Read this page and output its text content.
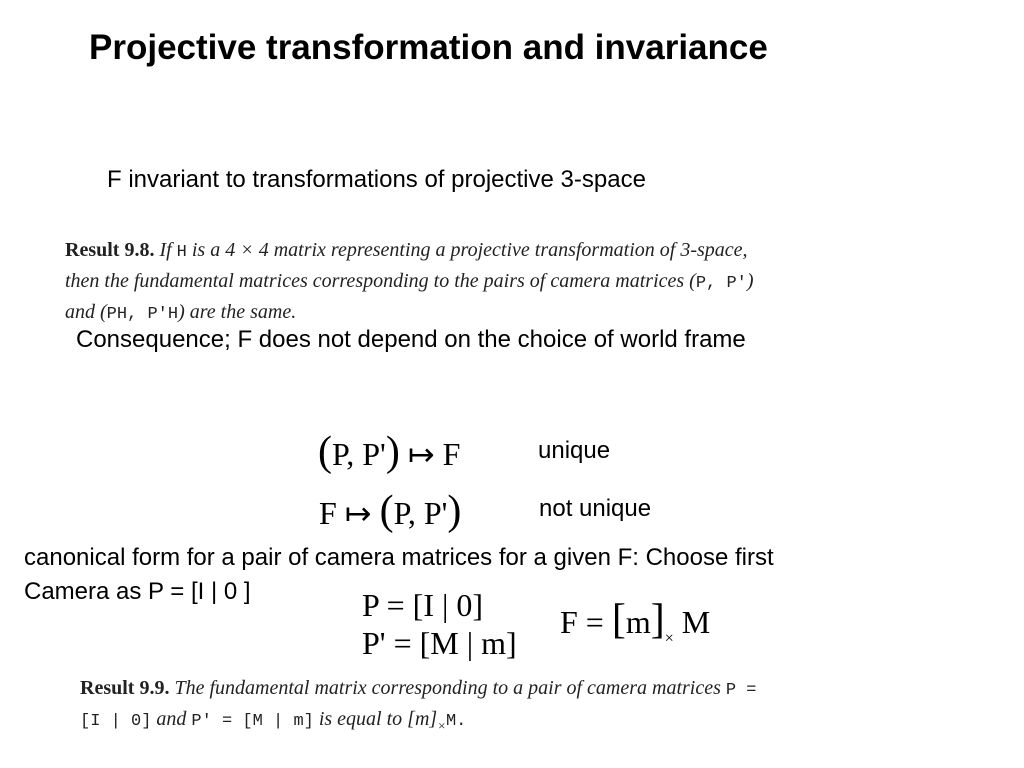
Projective transformation and invariance
F invariant to transformations of projective 3-space
Result 9.8. If H is a 4 × 4 matrix representing a projective transformation of 3-space,
then the fundamental matrices corresponding to the pairs of camera matrices (P, P′)
and (PH, P′H) are the same.
Consequence; F does not depend on the choice of world frame
(P, P') ↦ F	unique
F ↦ (P, P')	not unique
canonical form for a pair of camera matrices for a given F: Choose first
Camera as P = [I | 0 ]	P = [I | 0]
P' = [M | m]
$F = [m]_\times$ M
Result 9.9. The fundamental matrix corresponding to a pair of camera matrices P =
[I | 0] and P′ = [M | m] is equal to $[m]_\times M$.
